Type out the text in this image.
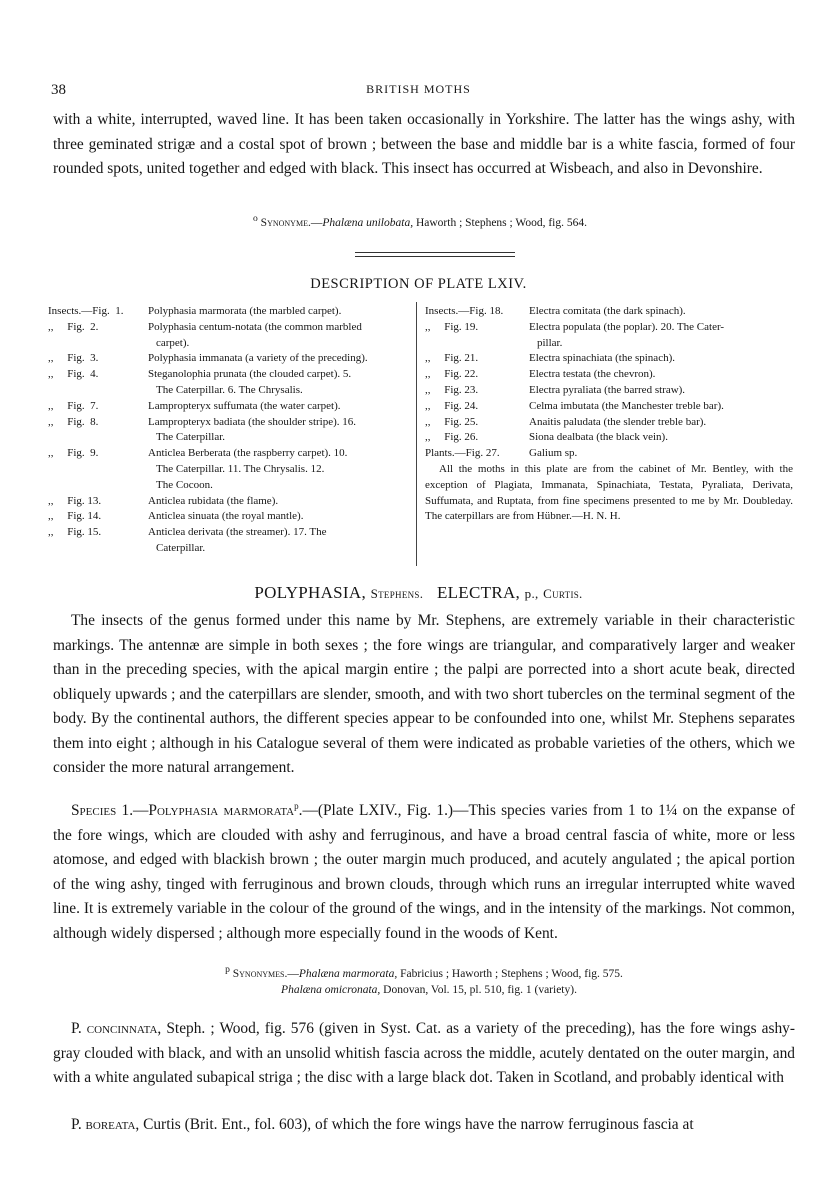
38	BRITISH MOTHS
with a white, interrupted, waved line. It has been taken occasionally in Yorkshire. The latter has the wings ashy, with three geminated strigæ and a costal spot of brown ; between the base and middle bar is a white fascia, formed of four rounded spots, united together and edged with black. This insect has occurred at Wisbeach, and also in Devonshire.
$^o$ Synonyme.—Phalæna unilobata, Haworth ; Stephens ; Wood, fig. 564.
DESCRIPTION OF PLATE LXIV.
Insects.—Fig.  1.	Polyphasia marmorata (the marbled carpet).
,,     Fig.  2.	Polyphasia centum-notata (the common marbled
carpet).
,,     Fig.  3.	Polyphasia immanata (a variety of the preceding).
,,     Fig.  4.	Steganolophia prunata (the clouded carpet). 5.
The Caterpillar. 6. The Chrysalis.
,,     Fig.  7.	Lampropteryx suffumata (the water carpet).
,,     Fig.  8.	Lampropteryx badiata (the shoulder stripe). 16.
The Caterpillar.
,,     Fig.  9.	Anticlea Berberata (the raspberry carpet). 10.
The Caterpillar. 11. The Chrysalis. 12.
The Cocoon.
,,     Fig. 13.	Anticlea rubidata (the flame).
,,     Fig. 14.	Anticlea sinuata (the royal mantle).
,,     Fig. 15.	Anticlea derivata (the streamer). 17. The
Caterpillar.
Insects.—Fig. 18.	Electra comitata (the dark spinach).
,,     Fig. 19.	Electra populata (the poplar). 20. The Cater-
pillar.
,,     Fig. 21.	Electra spinachiata (the spinach).
,,     Fig. 22.	Electra testata (the chevron).
,,     Fig. 23.	Electra pyraliata (the barred straw).
,,     Fig. 24.	Celma imbutata (the Manchester treble bar).
,,     Fig. 25.	Anaitis paludata (the slender treble bar).
,,     Fig. 26.	Siona dealbata (the black vein).
Plants.—Fig. 27.	Galium sp.
All the moths in this plate are from the cabinet of Mr. Bentley, with the exception of Plagiata, Immanata, Spinachiata, Testata, Pyraliata, Derivata, Suffumata, and Ruptata, from fine specimens presented to me by Mr. Doubleday. The caterpillars are from Hübner.—H. N. H.
POLYPHASIA, Stephens. ELECTRA, p., Curtis.
The insects of the genus formed under this name by Mr. Stephens, are extremely variable in their characteristic markings. The antennæ are simple in both sexes ; the fore wings are triangular, and comparatively larger and weaker than in the preceding species, with the apical margin entire ; the palpi are porrected into a short acute beak, directed obliquely upwards ; and the caterpillars are slender, smooth, and with two short tubercles on the terminal segment of the body. By the continental authors, the different species appear to be confounded into one, whilst Mr. Stephens separates them into eight ; although in his Catalogue several of them were indicated as probable varieties of the others, which we consider the more natural arrangement.
Species 1.—Polyphasia marmorata$^p$.—(Plate LXIV., Fig. 1.)—This species varies from 1 to 1¼ on the expanse of the fore wings, which are clouded with ashy and ferruginous, and have a broad central fascia of white, more or less atomose, and edged with blackish brown ; the outer margin much produced, and acutely angulated ; the apical portion of the wing ashy, tinged with ferruginous and brown clouds, through which runs an irregular interrupted white waved line. It is extremely variable in the colour of the ground of the wings, and in the intensity of the markings. Not common, although widely dispersed ; although more especially found in the woods of Kent.
$^p$ Synonymes.—Phalæna marmorata, Fabricius ; Haworth ; Stephens ; Wood, fig. 575.
Phalæna omicronata, Donovan, Vol. 15, pl. 510, fig. 1 (variety).
P. concinnata, Steph. ; Wood, fig. 576 (given in Syst. Cat. as a variety of the preceding), has the fore wings ashy-gray clouded with black, and with an unsolid whitish fascia across the middle, acutely dentated on the outer margin, and with a white angulated subapical striga ; the disc with a large black dot. Taken in Scotland, and probably identical with
P. boreata, Curtis (Brit. Ent., fol. 603), of which the fore wings have the narrow ferruginous fascia at
